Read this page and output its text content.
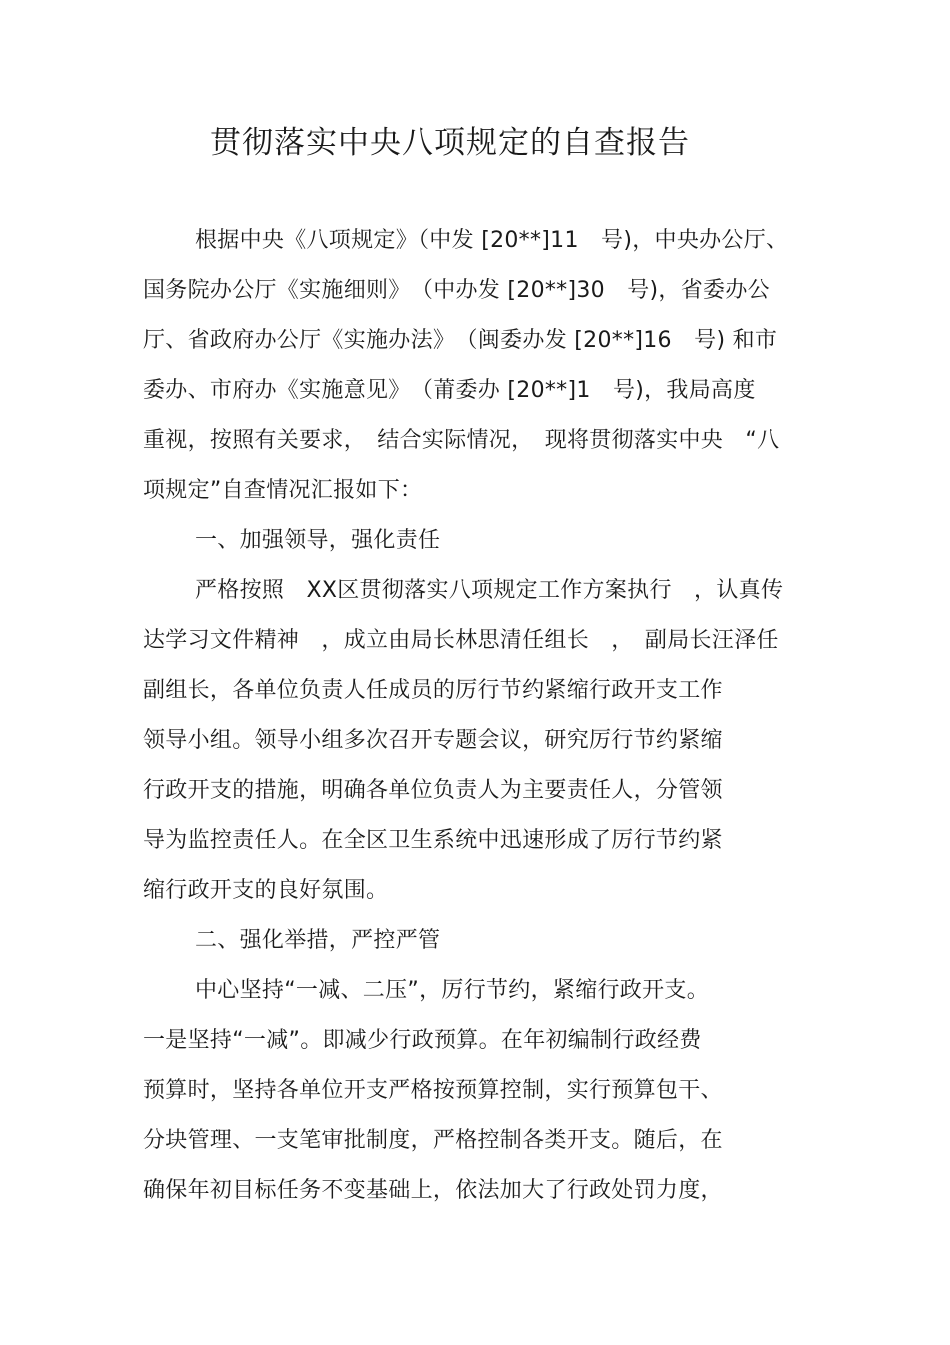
贯彻落实中央八项规定的自查报告
根据中央《八项规定》（中发 [20**]11　号)，中央办公厅、
国务院办公厅《实施细则》　（中办发 [20**]30　号)，省委办公
厅、省政府办公厅《实施办法》　（闽委办发 [20**]16　号) 和市
委办、市府办《实施意见》　（莆委办 [20**]1　号)，我局高度
重视，按照有关要求，　结合实际情况，　现将贯彻落实中央　“八
项规定”自查情况汇报如下：
一、加强领导，强化责任
严格按照　XX区贯彻落实八项规定工作方案执行　，认真传
达学习文件精神　，成立由局长林思清任组长　，　副局长汪泽任
副组长，各单位负责人任成员的厉行节约紧缩行政开支工作
领导小组。领导小组多次召开专题会议，研究厉行节约紧缩
行政开支的措施，明确各单位负责人为主要责任人，分管领
导为监控责任人。在全区卫生系统中迅速形成了厉行节约紧
缩行政开支的良好氛围。
二、强化举措，严控严管
中心坚持“一减、二压”，厉行节约，紧缩行政开支。
一是坚持“一减”。即减少行政预算。在年初编制行政经费
预算时，坚持各单位开支严格按预算控制，实行预算包干、
分块管理、一支笔审批制度，严格控制各类开支。随后，在
确保年初目标任务不变基础上，依法加大了行政处罚力度，
